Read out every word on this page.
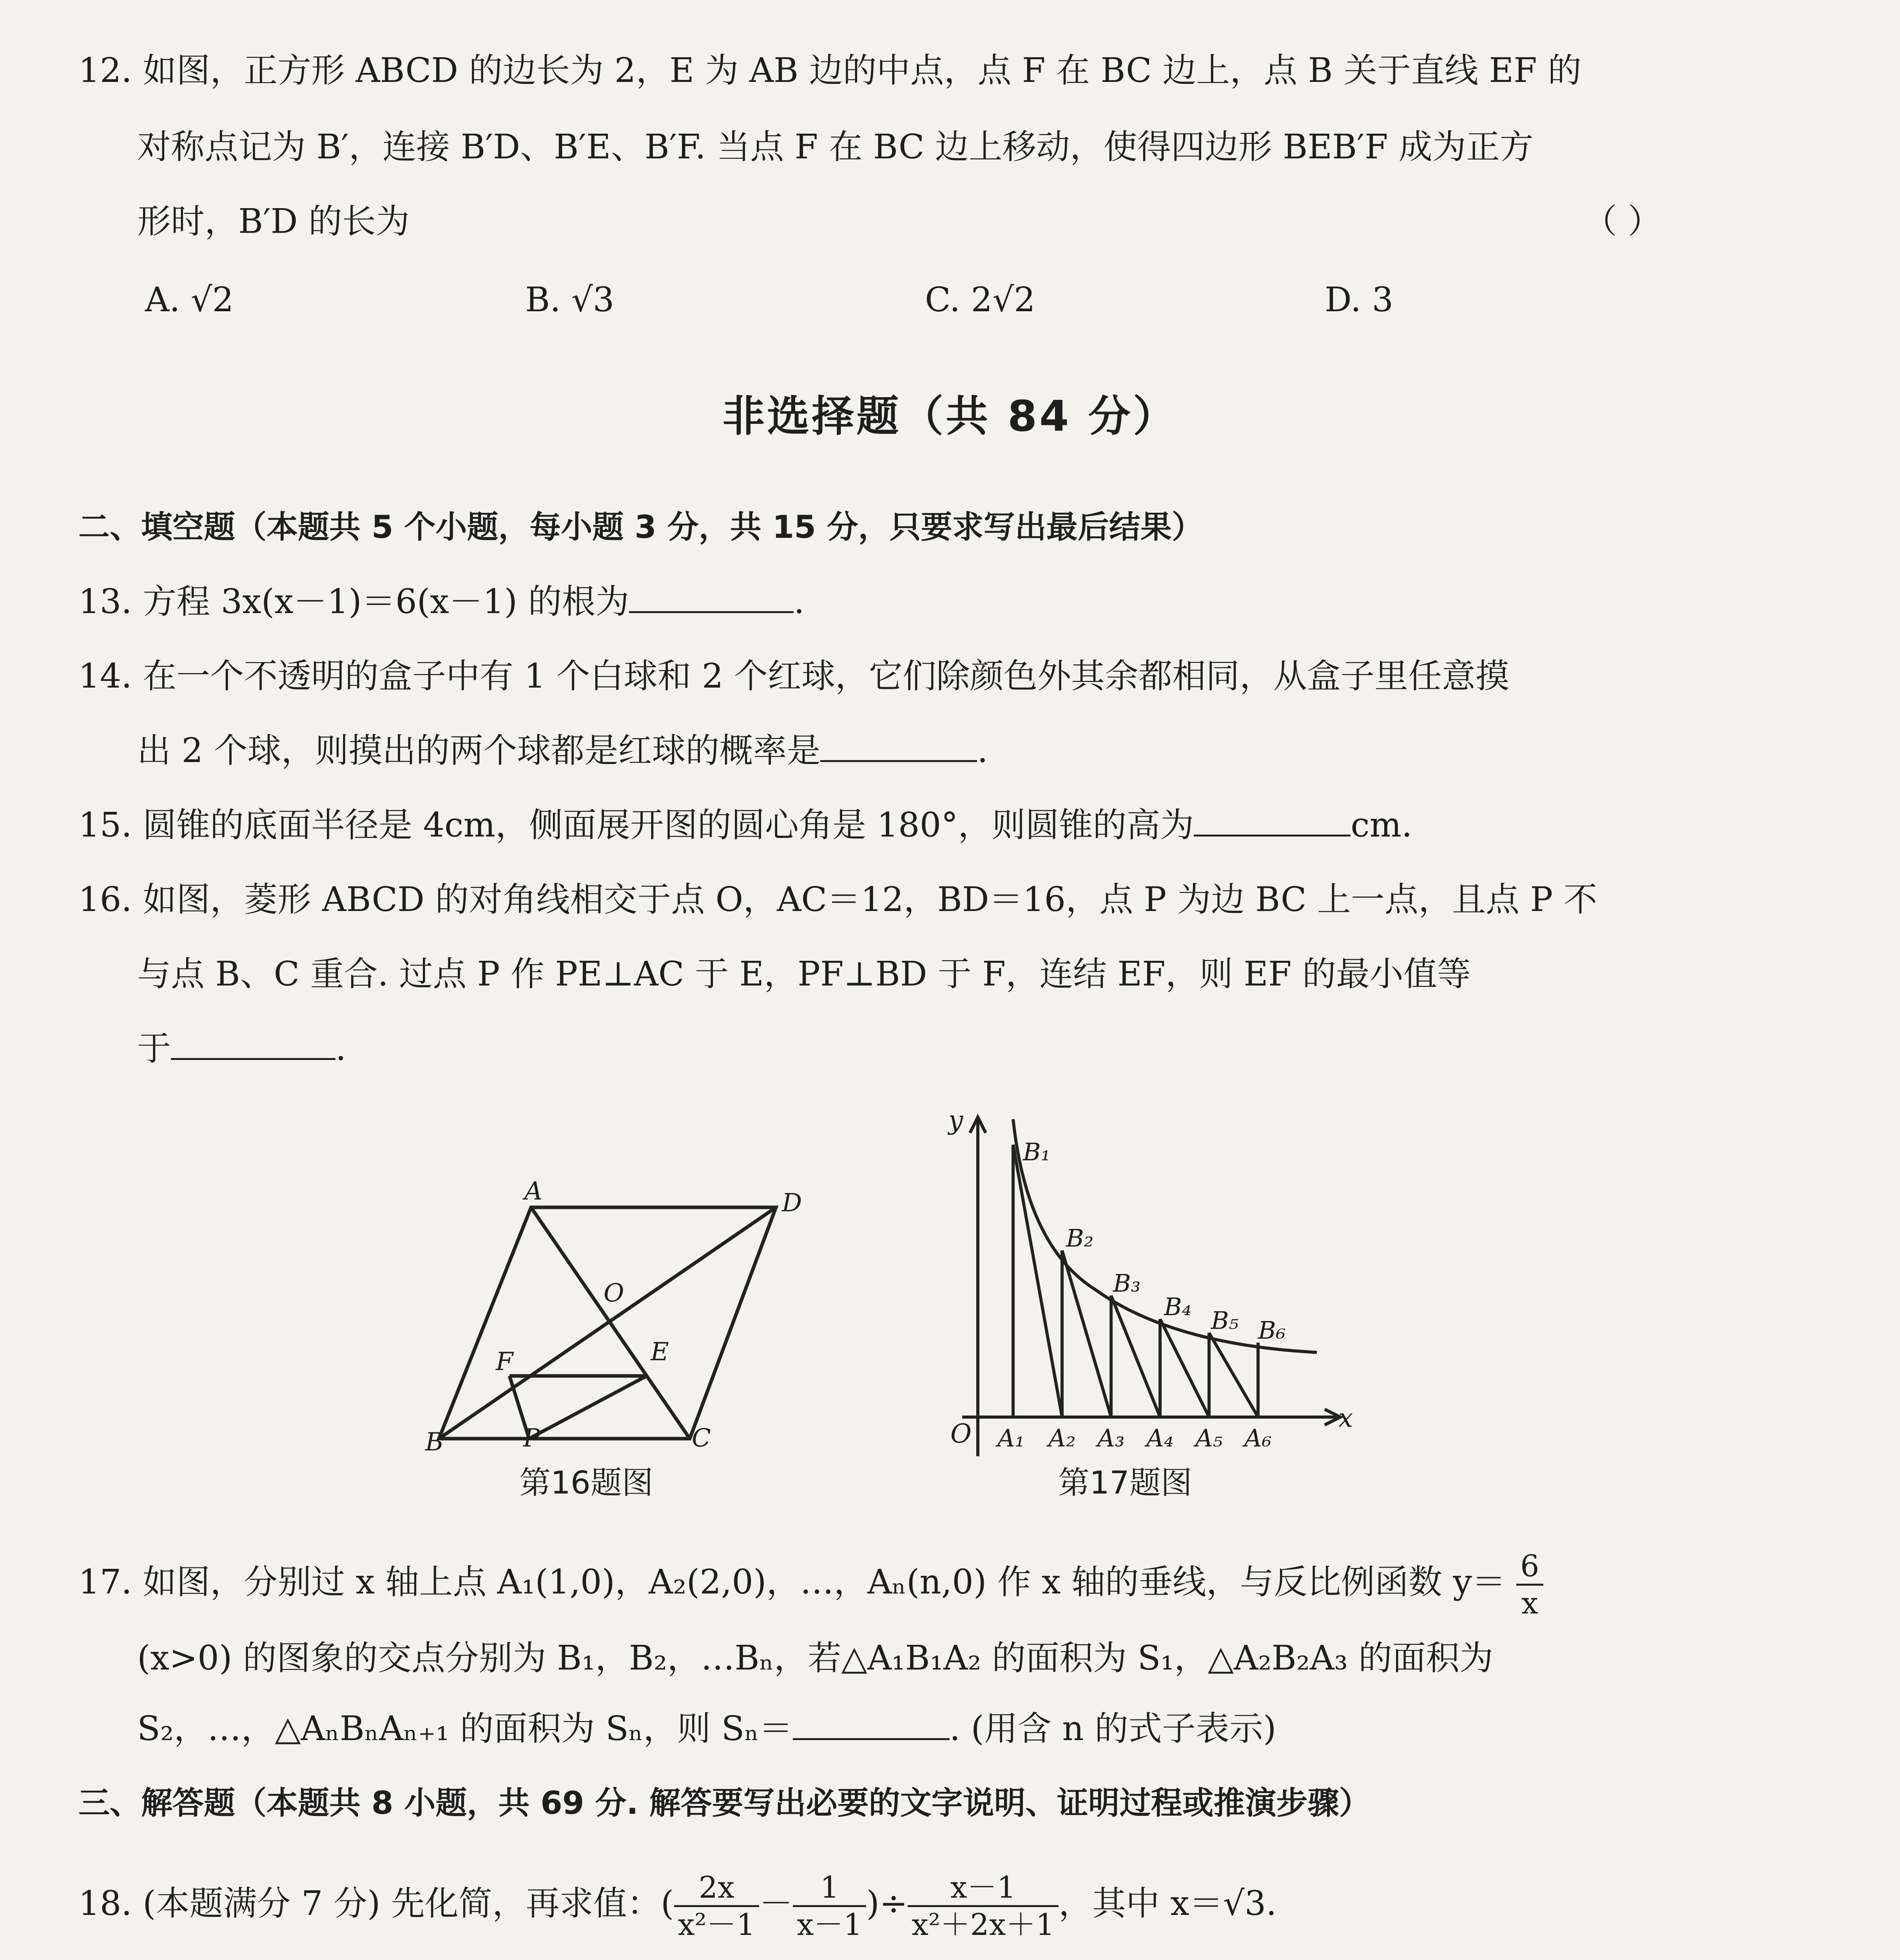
12. 如图，正方形 ABCD 的边长为 2，E 为 AB 边的中点，点 F 在 BC 边上，点 B 关于直线 EF 的
对称点记为 B′，连接 B′D、B′E、B′F. 当点 F 在 BC 边上移动，使得四边形 BEB′F 成为正方
形时，B′D 的长为	（ ）
A. √2	B. √3	C. 2√2	D. 3
非选择题（共 84 分）
二、填空题（本题共 5 个小题，每小题 3 分，共 15 分，只要求写出最后结果）
13. 方程 3x(x－1)＝6(x－1) 的根为	.
14. 在一个不透明的盒子中有 1 个白球和 2 个红球，它们除颜色外其余都相同，从盒子里任意摸
出 2 个球，则摸出的两个球都是红球的概率是	.
15. 圆锥的底面半径是 4cm，侧面展开图的圆心角是 180°，则圆锥的高为	cm.
16. 如图，菱形 ABCD 的对角线相交于点 O，AC＝12，BD＝16，点 P 为边 BC 上一点，且点 P 不
与点 B、C 重合. 过点 P 作 PE⊥AC 于 E，PF⊥BD 于 F，连结 EF，则 EF 的最小值等
于	.
A	D
O
F	E
B	P	C
第16题图
y
x
O
B₁
B₂
B₃
B₄ B₅ B₆
A₁ A₂ A₃ A₄ A₅ A₆
第17题图
17. 如图，分别过 x 轴上点 A₁(1,0)，A₂(2,0)，…，Aₙ(n,0) 作 x 轴的垂线，与反比例函数 $y= \frac{6}{x}$
(x>0) 的图象的交点分别为 B₁，B₂，…Bₙ，若△A₁B₁A₂ 的面积为 S₁，△A₂B₂A₃ 的面积为
S₂，…，△AₙBₙAₙ₊₁ 的面积为 Sₙ，则 Sₙ＝	. (用含 n 的式子表示)
三、解答题（本题共 8 小题，共 69 分. 解答要写出必要的文字说明、证明过程或推演步骤）
18. (本题满分 7 分) 先化简，再求值：( $\frac{2x}{\text{x²－1}} - \frac{1}{x-1}$ )÷ $\frac{x-1}{\text{x²＋2x＋1}}$ ，其中 x＝√3.
